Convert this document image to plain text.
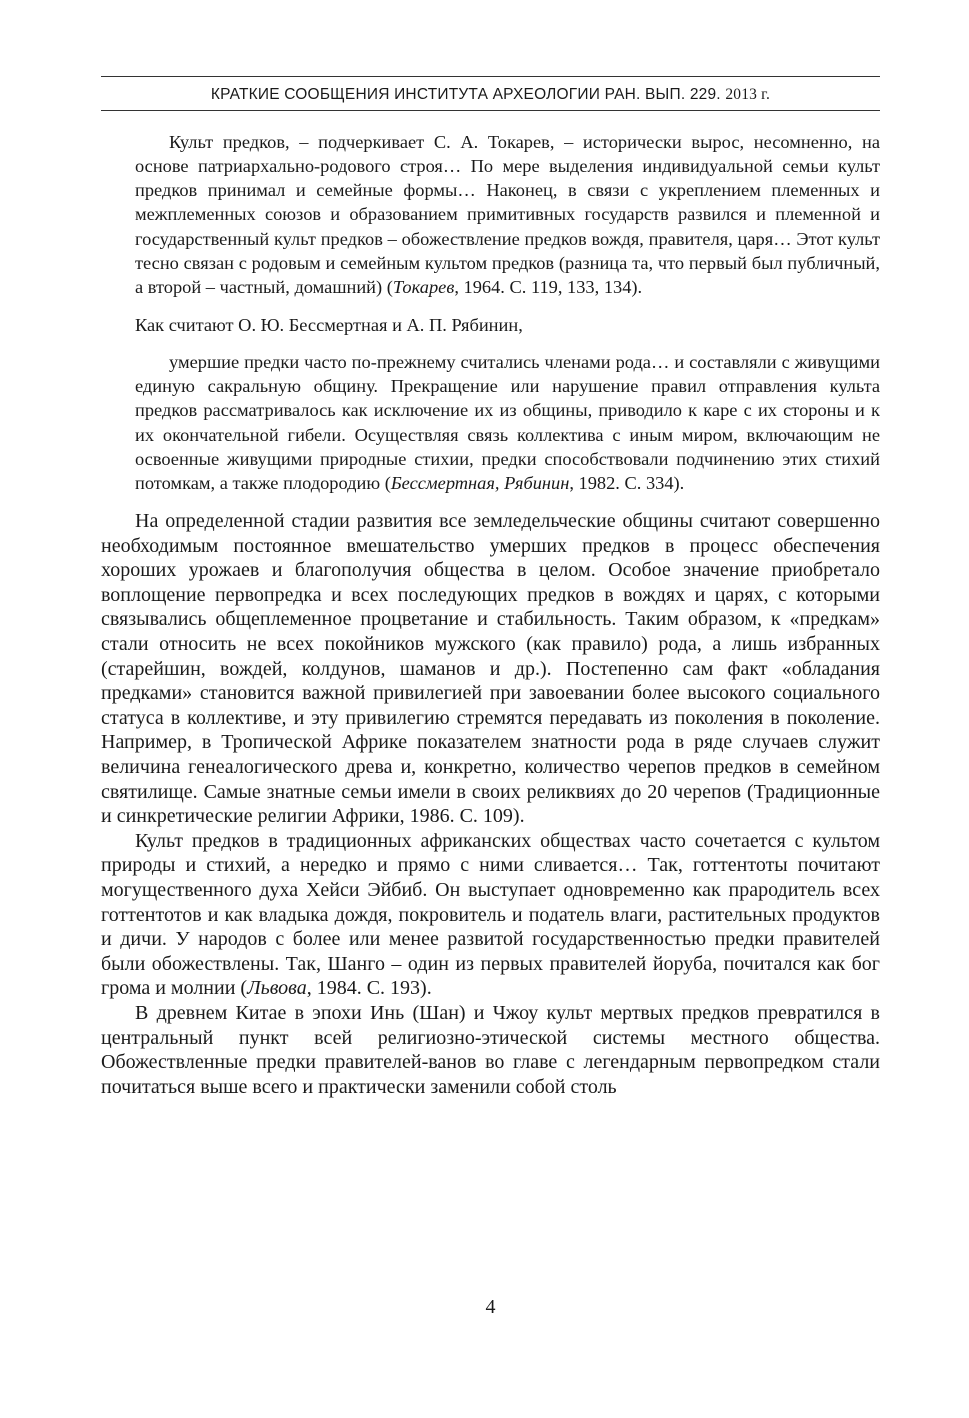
КРАТКИЕ СООБЩЕНИЯ ИНСТИТУТА АРХЕОЛОГИИ РАН. ВЫП. 229. 2013 г.

Культ предков, – подчеркивает С. А. Токарев, – исторически вырос, несомненно, на основе патриархально-родового строя… По мере выделения индивидуальной семьи культ предков принимал и семейные формы… Наконец, в связи с укреплением племенных и межплеменных союзов и образованием примитивных государств развился и племенной и государственный культ предков – обожествление предков вождя, правителя, царя… Этот культ тесно связан с родовым и семейным культом предков (разница та, что первый был публичный, а второй – частный, домашний) (Токарев, 1964. С. 119, 133, 134).

Как считают О. Ю. Бессмертная и А. П. Рябинин,

умершие предки часто по-прежнему считались членами рода… и составляли с живущими единую сакральную общину. Прекращение или нарушение правил отправления культа предков рассматривалось как исключение их из общины, приводило к каре с их стороны и к их окончательной гибели. Осуществляя связь коллектива с иным миром, включающим не освоенные живущими природные стихии, предки способствовали подчинению этих стихий потомкам, а также плодородию (Бессмертная, Рябинин, 1982. С. 334).

На определенной стадии развития все земледельческие общины считают совершенно необходимым постоянное вмешательство умерших предков в процесс обеспечения хороших урожаев и благополучия общества в целом. Особое значение приобретало воплощение первопредка и всех последующих предков в вождях и царях, с которыми связывались общеплеменное процветание и стабильность. Таким образом, к «предкам» стали относить не всех покойников мужского (как правило) рода, а лишь избранных (старейшин, вождей, колдунов, шаманов и др.). Постепенно сам факт «обладания предками» становится важной привилегией при завоевании более высокого социального статуса в коллективе, и эту привилегию стремятся передавать из поколения в поколение. Например, в Тропической Африке показателем знатности рода в ряде случаев служит величина генеалогического древа и, конкретно, количество черепов предков в семейном святилище. Самые знатные семьи имели в своих реликвиях до 20 черепов (Традиционные и синкретические религии Африки, 1986. С. 109).

Культ предков в традиционных африканских обществах часто сочетается с культом природы и стихий, а нередко и прямо с ними сливается… Так, готтентоты почитают могущественного духа Хейси Эйбиб. Он выступает одновременно как прародитель всех готтентотов и как владыка дождя, покровитель и податель влаги, растительных продуктов и дичи. У народов с более или менее развитой государственностью предки правителей были обожествлены. Так, Шанго – один из первых правителей йоруба, почитался как бог грома и молнии (Львова, 1984. С. 193).

В древнем Китае в эпохи Инь (Шан) и Чжоу культ мертвых предков превратился в центральный пункт всей религиозно-этической системы местного общества. Обожествленные предки правителей-ванов во главе с легендарным первопредком стали почитаться выше всего и практически заменили собой столь

4
